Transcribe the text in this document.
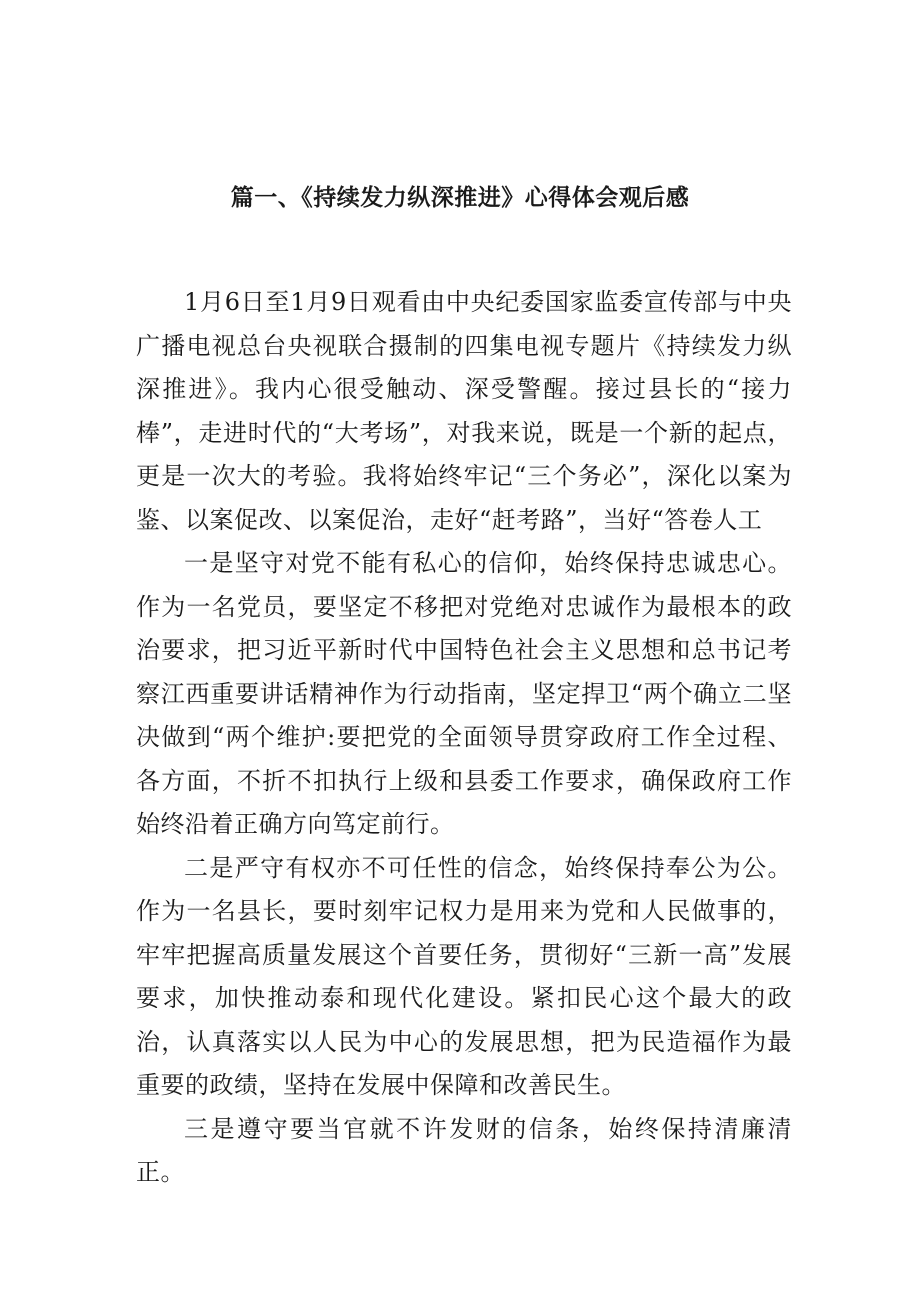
篇一、《持续发力纵深推进》心得体会观后感

1月6日至1月9日观看由中央纪委国家监委宣传部与中央广播电视总台央视联合摄制的四集电视专题片《持续发力纵深推进》。我内心很受触动、深受警醒。接过县长的“接力棒”，走进时代的“大考场”，对我来说，既是一个新的起点，更是一次大的考验。我将始终牢记“三个务必”，深化以案为鉴、以案促改、以案促治，走好“赶考路”，当好“答卷人工

一是坚守对党不能有私心的信仰，始终保持忠诚忠心。作为一名党员，要坚定不移把对党绝对忠诚作为最根本的政治要求，把习近平新时代中国特色社会主义思想和总书记考察江西重要讲话精神作为行动指南，坚定捍卫“两个确立二坚决做到“两个维护:要把党的全面领导贯穿政府工作全过程、各方面，不折不扣执行上级和县委工作要求，确保政府工作始终沿着正确方向笃定前行。

二是严守有权亦不可任性的信念，始终保持奉公为公。作为一名县长，要时刻牢记权力是用来为党和人民做事的，牢牢把握高质量发展这个首要任务，贯彻好“三新一高”发展要求，加快推动泰和现代化建设。紧扣民心这个最大的政治，认真落实以人民为中心的发展思想，把为民造福作为最重要的政绩，坚持在发展中保障和改善民生。

三是遵守要当官就不许发财的信条，始终保持清廉清正。
